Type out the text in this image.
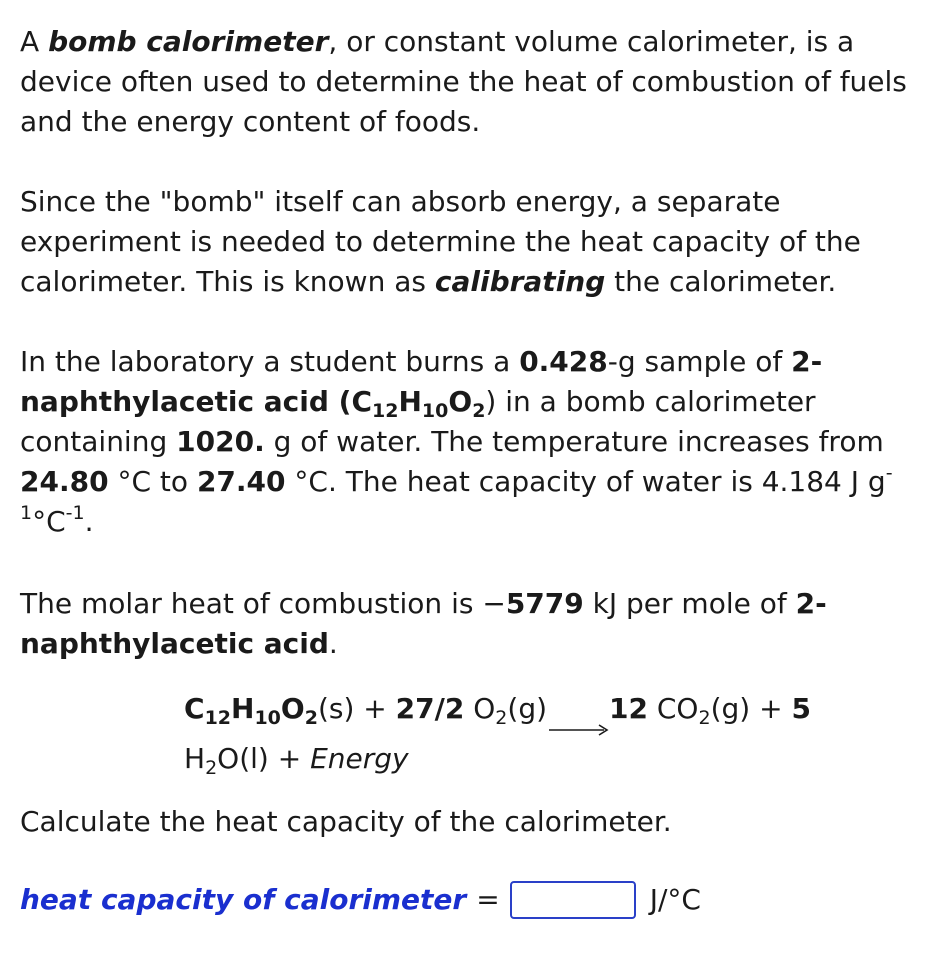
A bomb calorimeter, or constant volume calorimeter, is a device often used to determine the heat of combustion of fuels and the energy content of foods.

Since the "bomb" itself can absorb energy, a separate experiment is needed to determine the heat capacity of the calorimeter. This is known as calibrating the calorimeter.

In the laboratory a student burns a 0.428-g sample of 2-naphthylacetic acid $(C_{12}H_{10}O_2)$ in a bomb calorimeter containing 1020. g of water. The temperature increases from 24.80 °C to 27.40 °C. The heat capacity of water is 4.184 J $g^{-1}^\circ C^{-1}$.

The molar heat of combustion is −5779 kJ per mole of 2-naphthylacetic acid.

$C_{12}H_{10}O_2(s) + 27/2$ $O_2(g)\to 12$ $CO_2(g) + 5$
$H_2O(l)$ + Energy

Calculate the heat capacity of the calorimeter.

heat capacity of calorimeter =	J/°C
